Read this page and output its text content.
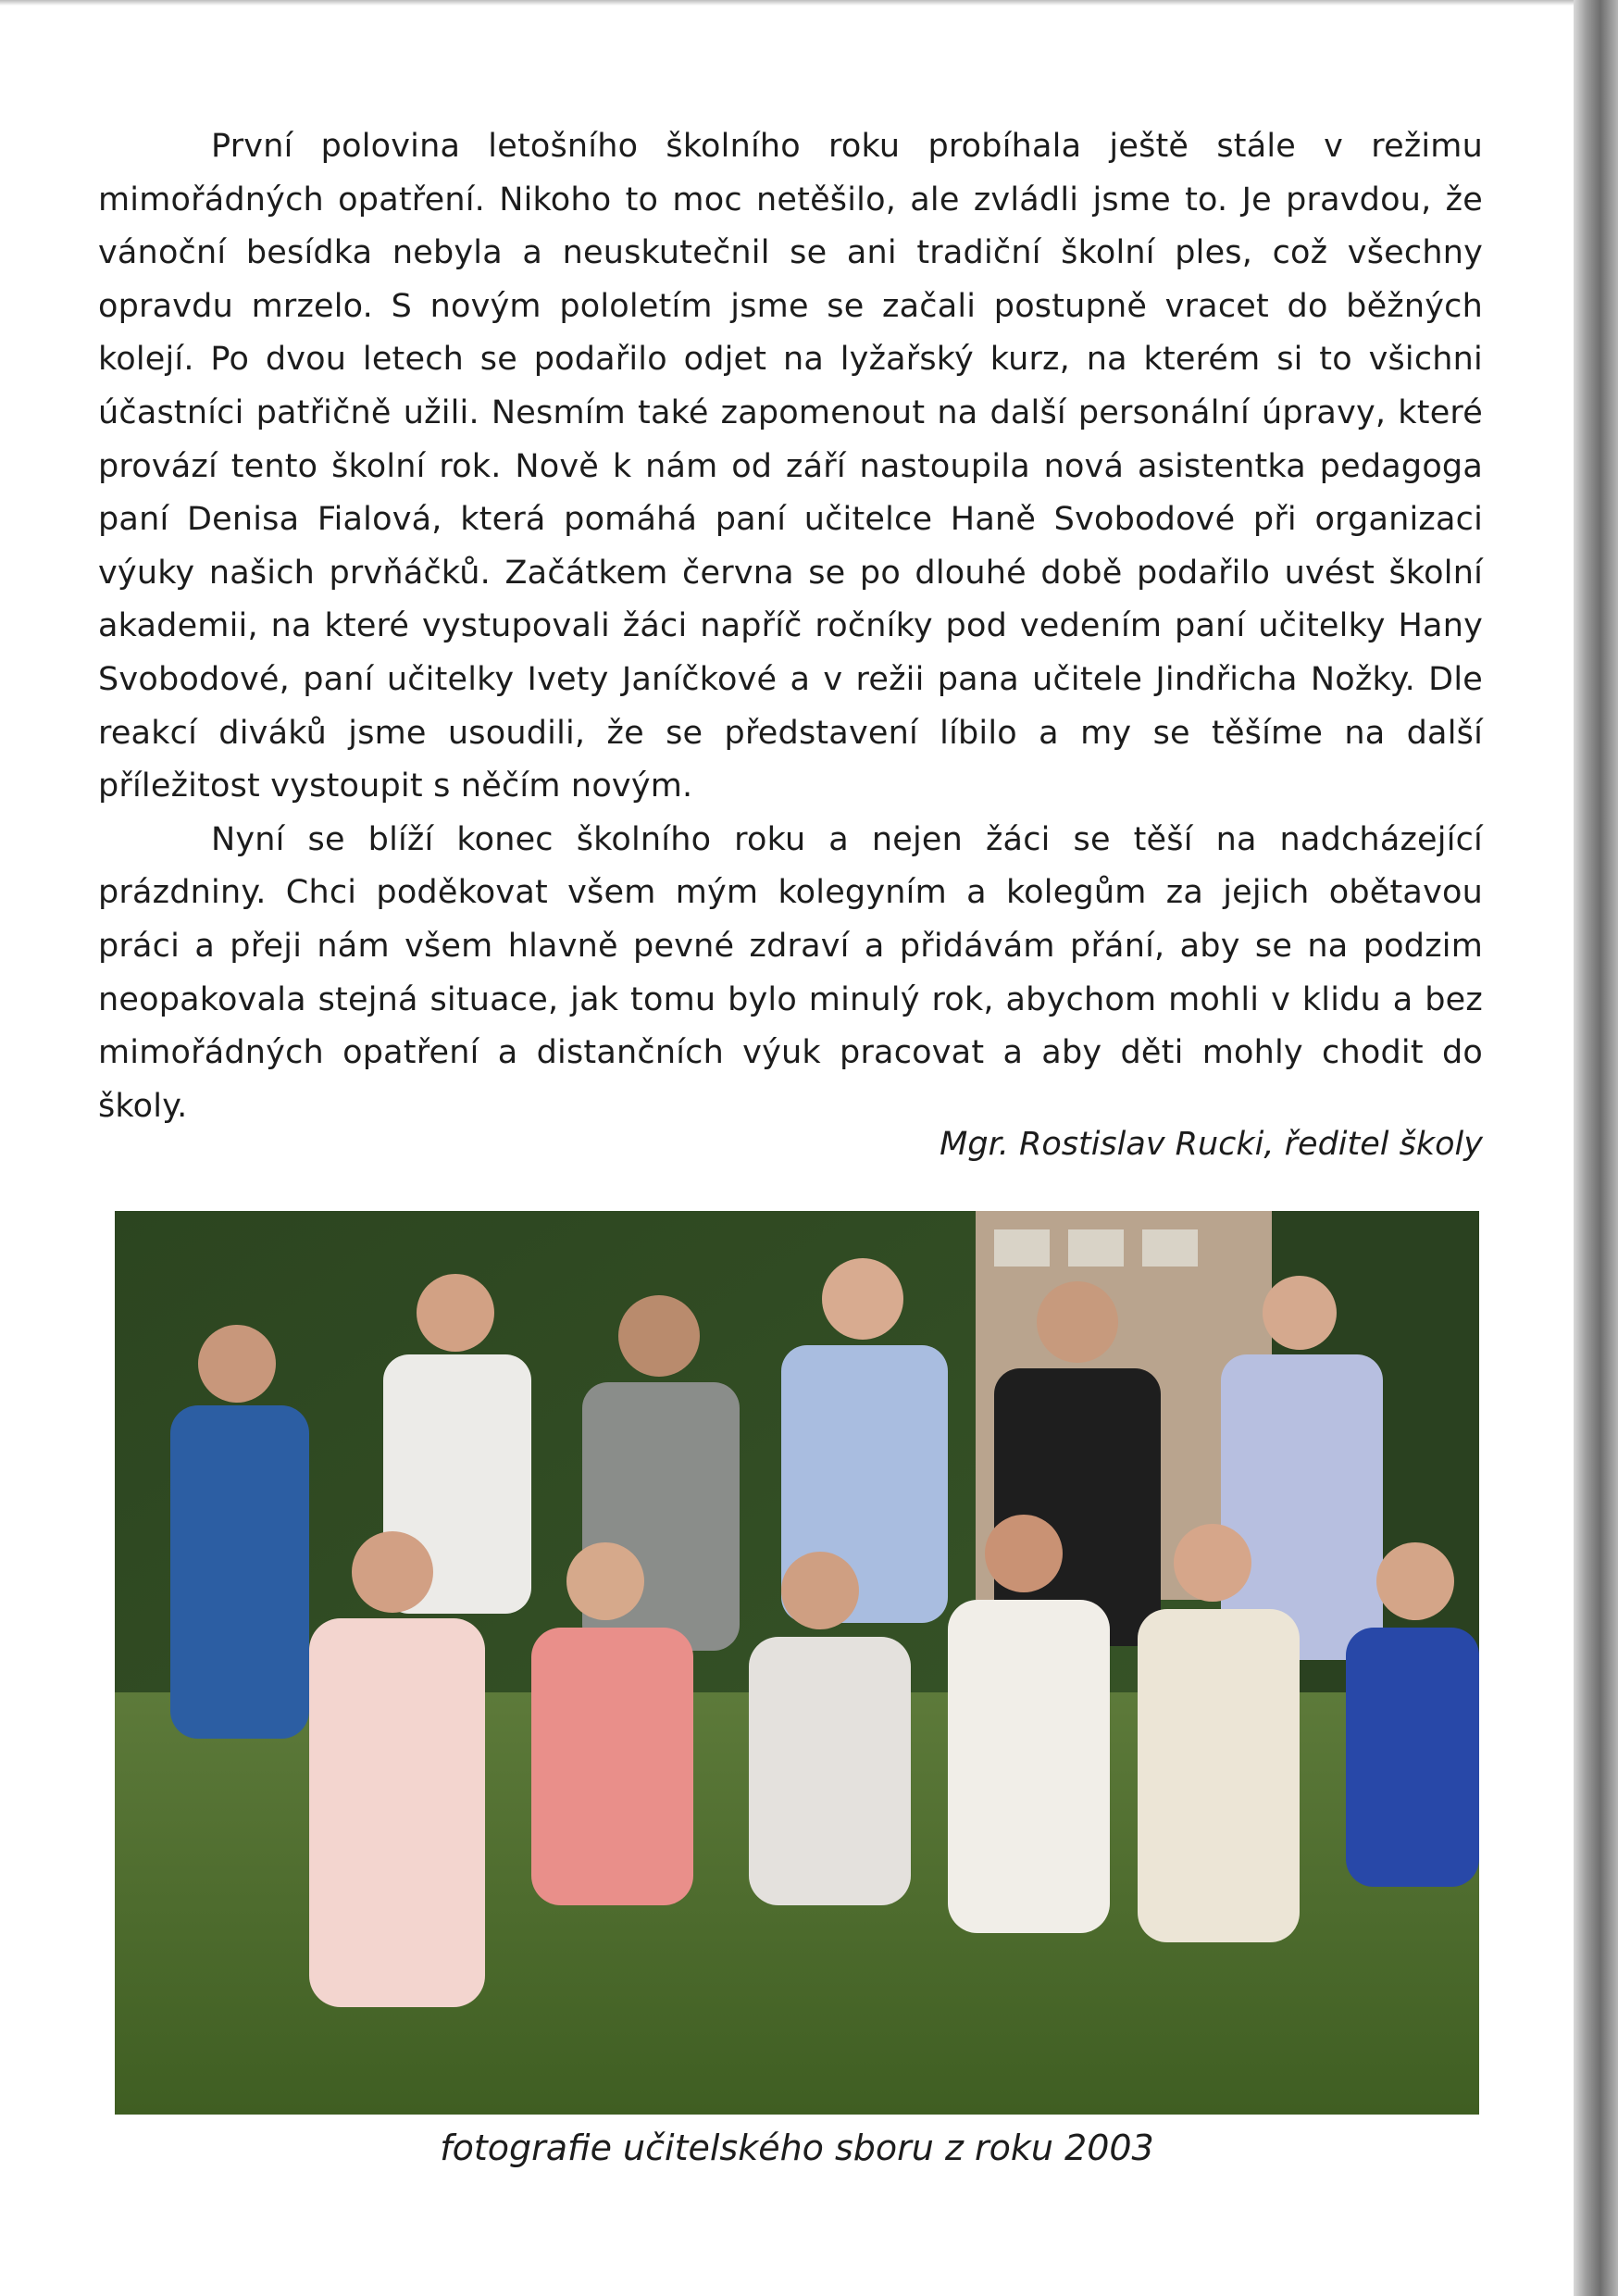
První polovina letošního školního roku probíhala ještě stále v režimu mimořádných opatření. Nikoho to moc netěšilo, ale zvládli jsme to. Je pravdou, že vánoční besídka nebyla a neuskutečnil se ani tradiční školní ples, což všechny opravdu mrzelo. S novým pololetím jsme se začali postupně vracet do běžných kolejí. Po dvou letech se podařilo odjet na lyžařský kurz, na kterém si to všichni účastníci patřičně užili. Nesmím také zapomenout na další personální úpravy, které provází tento školní rok. Nově k nám od září nastoupila nová asistentka pedagoga paní Denisa Fialová, která pomáhá paní učitelce Haně Svobodové při organizaci výuky našich prvňáčků. Začátkem června se po dlouhé době podařilo uvést školní akademii, na které vystupovali žáci napříč ročníky pod vedením paní učitelky Hany Svobodové, paní učitelky Ivety Janíčkové a v režii pana učitele Jindřicha Nožky. Dle reakcí diváků jsme usoudili, že se představení líbilo a my se těšíme na další příležitost vystoupit s něčím novým.

Nyní se blíží konec školního roku a nejen žáci se těší na nadcházející prázdniny. Chci poděkovat všem mým kolegyním a kolegům za jejich obětavou práci a přeji nám všem hlavně pevné zdraví a přidávám přání, aby se na podzim neopakovala stejná situace, jak tomu bylo minulý rok, abychom mohli v klidu a bez mimořádných opatření a distančních výuk pracovat a aby děti mohly chodit do školy.

Mgr. Rostislav Rucki, ředitel školy
fotografie učitelského sboru z roku 2003
